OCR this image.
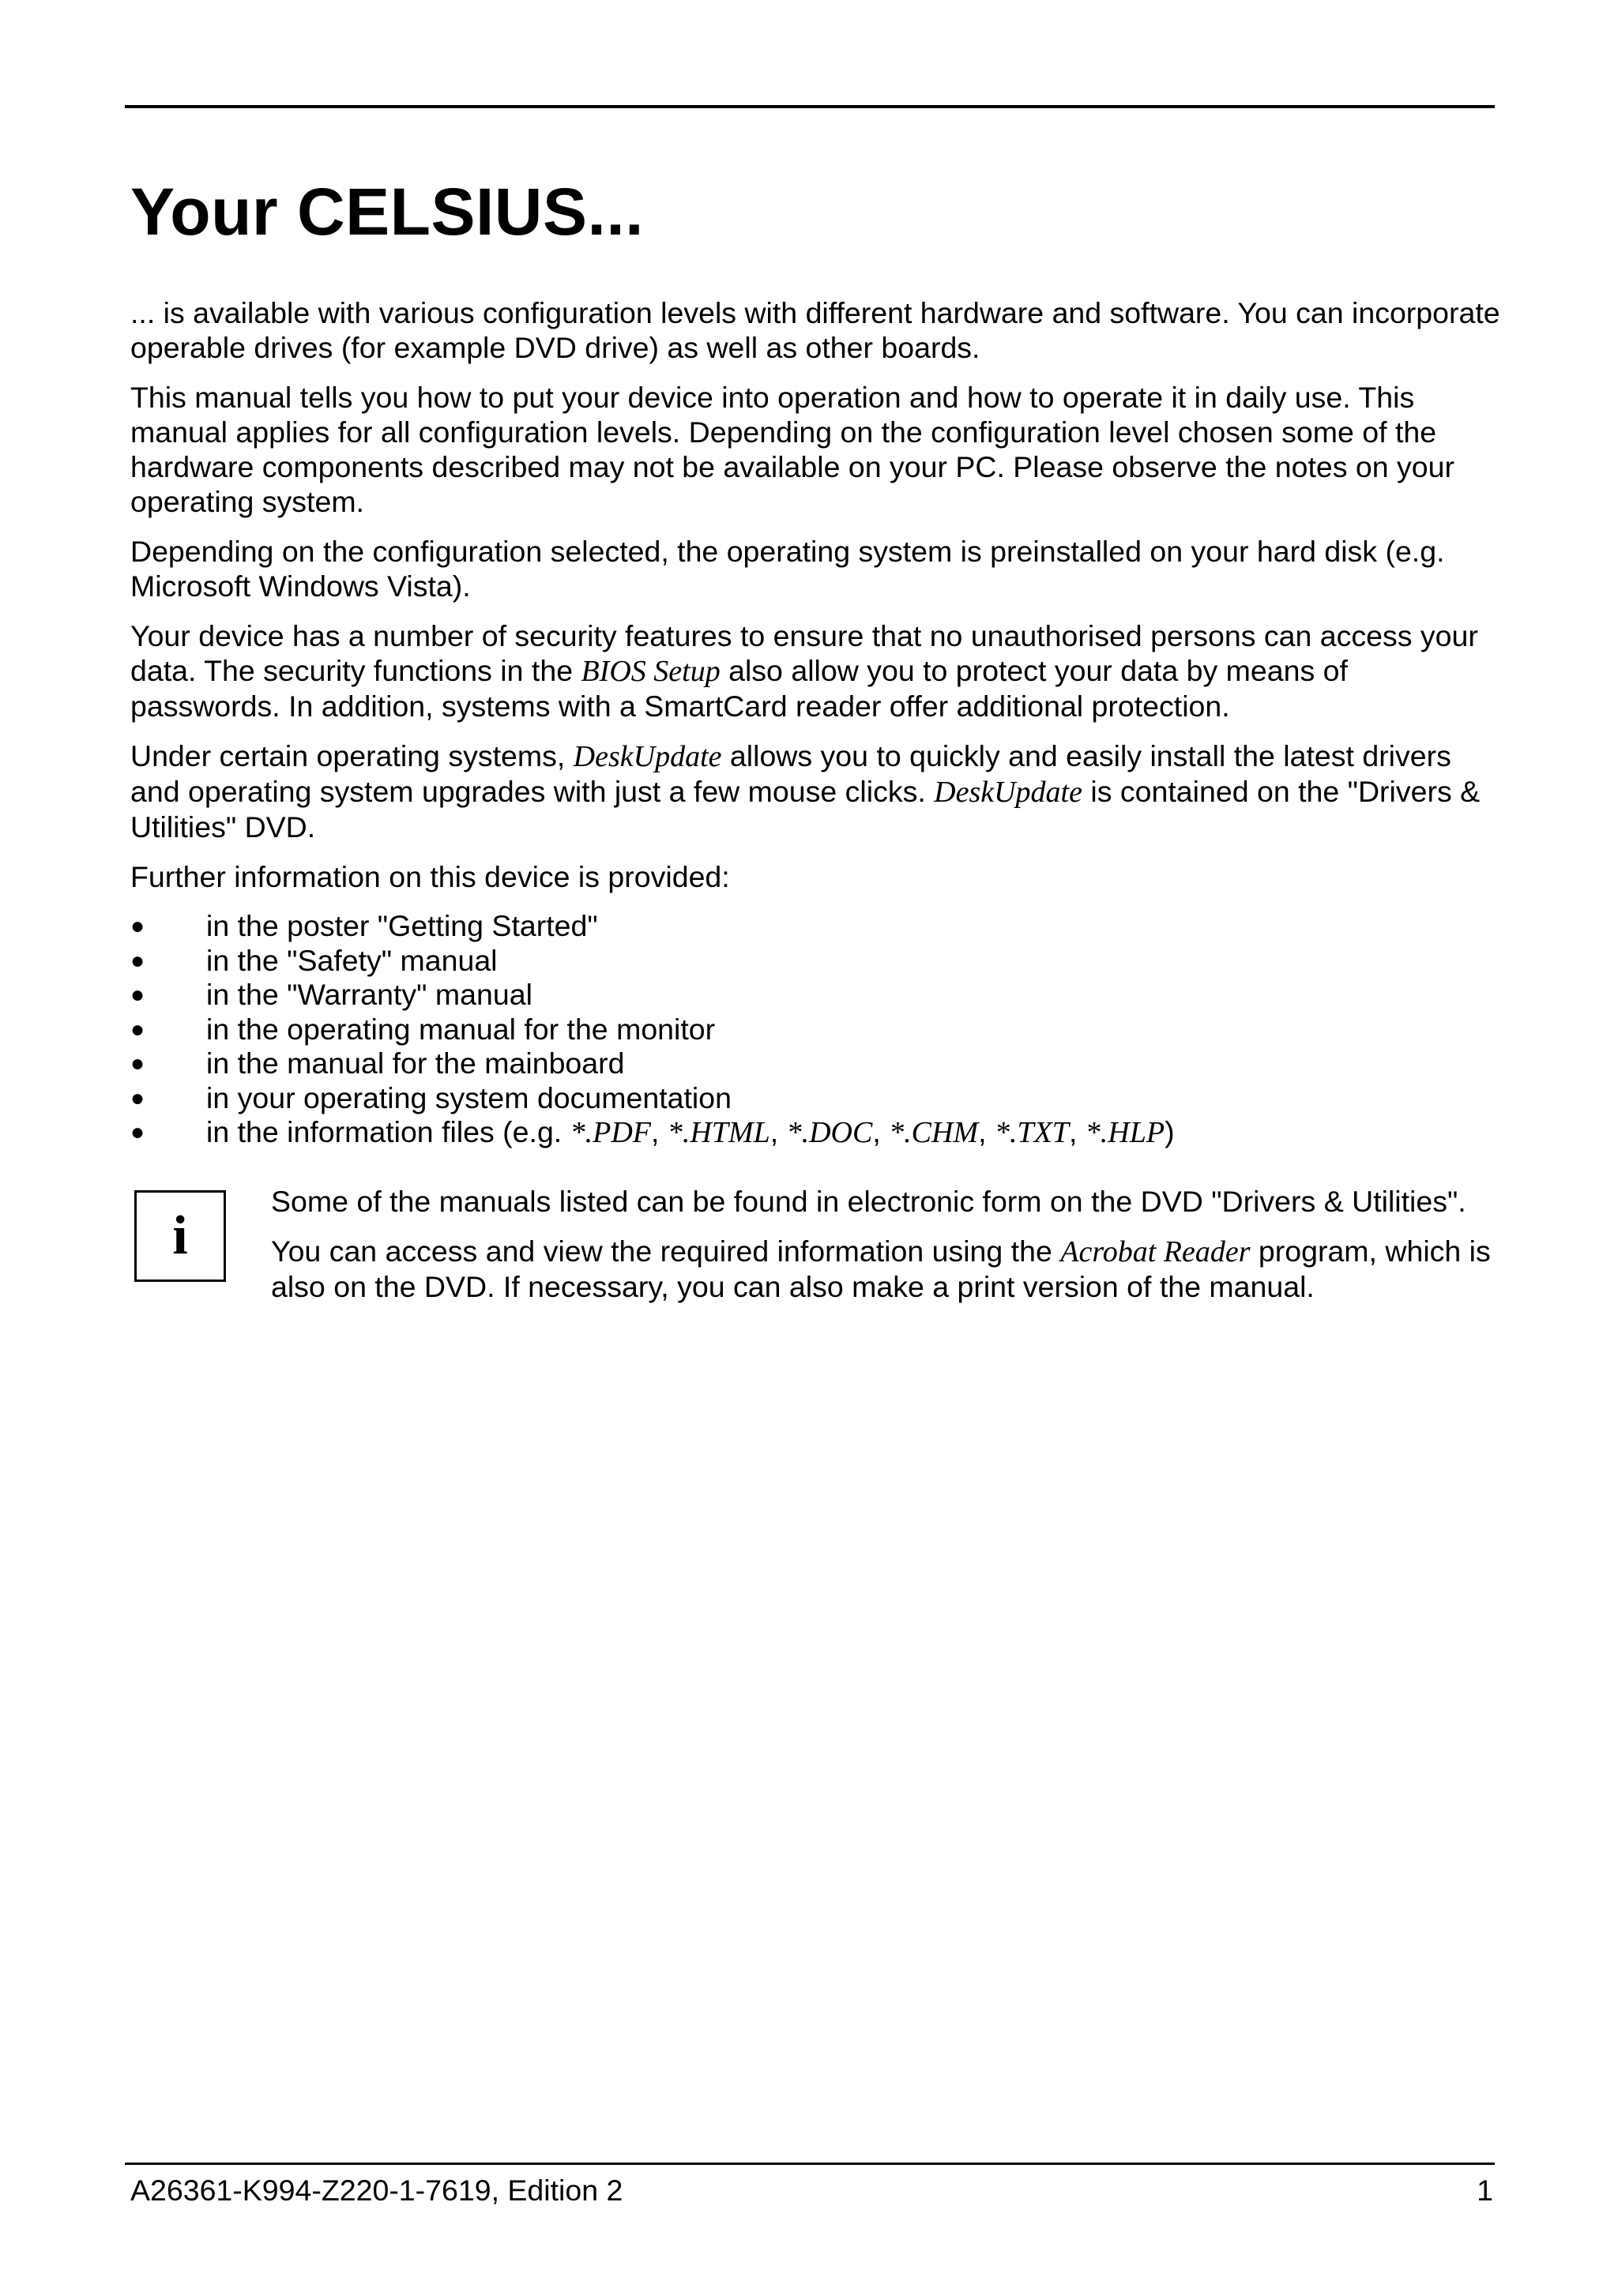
Your CELSIUS...

... is available with various configuration levels with different hardware and software. You can incorporate operable drives (for example DVD drive) as well as other boards.

This manual tells you how to put your device into operation and how to operate it in daily use. This manual applies for all configuration levels. Depending on the configuration level chosen some of the hardware components described may not be available on your PC. Please observe the notes on your operating system.

Depending on the configuration selected, the operating system is preinstalled on your hard disk (e.g. Microsoft Windows Vista).

Your device has a number of security features to ensure that no unauthorised persons can access your data. The security functions in the BIOS Setup also allow you to protect your data by means of passwords. In addition, systems with a SmartCard reader offer additional protection.

Under certain operating systems, DeskUpdate allows you to quickly and easily install the latest drivers and operating system upgrades with just a few mouse clicks. DeskUpdate is contained on the "Drivers & Utilities" DVD.

Further information on this device is provided:

● in the poster "Getting Started"
● in the "Safety" manual
● in the "Warranty" manual
● in the operating manual for the monitor
● in the manual for the mainboard
● in your operating system documentation
● in the information files (e.g. *.PDF, *.HTML, *.DOC, *.CHM, *.TXT, *.HLP)
i

Some of the manuals listed can be found in electronic form on the DVD "Drivers & Utilities".

You can access and view the required information using the Acrobat Reader program, which is also on the DVD. If necessary, you can also make a print version of the manual.

A26361-K994-Z220-1-7619, Edition 2	1
